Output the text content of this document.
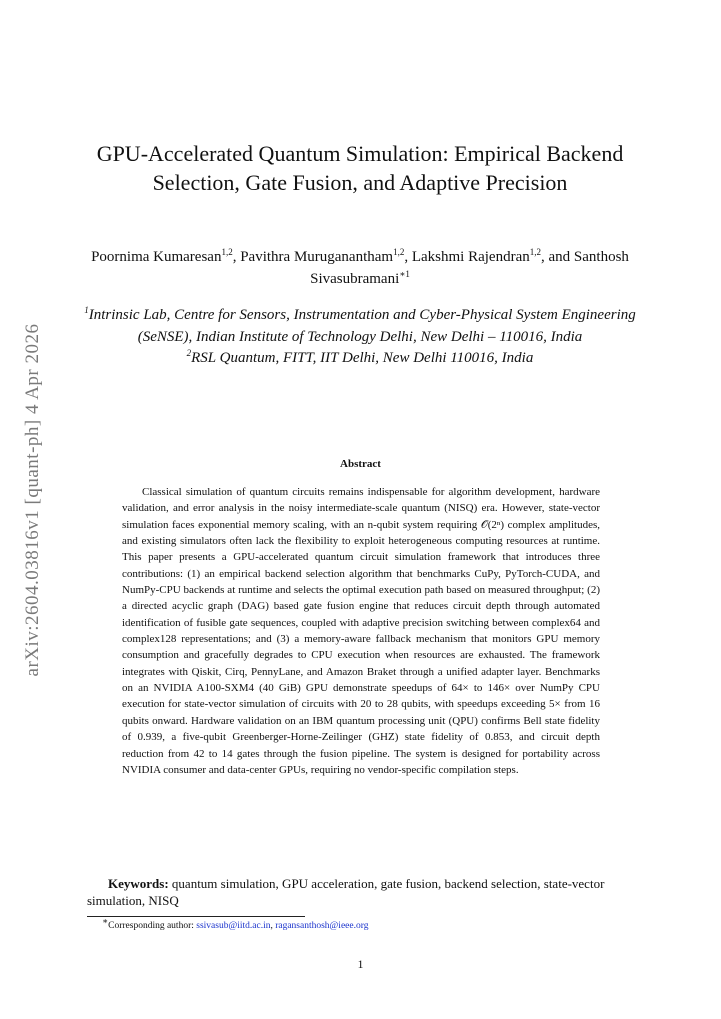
arXiv:2604.03816v1 [quant-ph] 4 Apr 2026
GPU-Accelerated Quantum Simulation: Empirical Backend Selection, Gate Fusion, and Adaptive Precision
Poornima Kumaresan$^{1,2}$, Pavithra Muruganantham$^{1,2}$, Lakshmi Rajendran$^{1,2}$, and Santhosh Sivasubramani$^{∗1}$
$^1$Intrinsic Lab, Centre for Sensors, Instrumentation and Cyber-Physical System Engineering (SeNSE), Indian Institute of Technology Delhi, New Delhi – 110016, India
$^2$RSL Quantum, FITT, IIT Delhi, New Delhi 110016, India
Abstract

Classical simulation of quantum circuits remains indispensable for algorithm development, hardware validation, and error analysis in the noisy intermediate-scale quantum (NISQ) era. However, state-vector simulation faces exponential memory scaling, with an n-qubit system requiring 𝒪(2ⁿ) complex amplitudes, and existing simulators often lack the flexibility to exploit heterogeneous computing resources at runtime. This paper presents a GPU-accelerated quantum circuit simulation framework that introduces three contributions: (1) an empirical backend selection algorithm that benchmarks CuPy, PyTorch-CUDA, and NumPy-CPU backends at runtime and selects the optimal execution path based on measured throughput; (2) a directed acyclic graph (DAG) based gate fusion engine that reduces circuit depth through automated identification of fusible gate sequences, coupled with adaptive precision switching between complex64 and complex128 representations; and (3) a memory-aware fallback mechanism that monitors GPU memory consumption and gracefully degrades to CPU execution when resources are exhausted. The framework integrates with Qiskit, Cirq, PennyLane, and Amazon Braket through a unified adapter layer. Benchmarks on an NVIDIA A100-SXM4 (40 GiB) GPU demonstrate speedups of 64× to 146× over NumPy CPU execution for state-vector simulation of circuits with 20 to 28 qubits, with speedups exceeding 5× from 16 qubits onward. Hardware validation on an IBM quantum processing unit (QPU) confirms Bell state fidelity of 0.939, a five-qubit Greenberger-Horne-Zeilinger (GHZ) state fidelity of 0.853, and circuit depth reduction from 42 to 14 gates through the fusion pipeline. The system is designed for portability across NVIDIA consumer and data-center GPUs, requiring no vendor-specific compilation steps.

Keywords: quantum simulation, GPU acceleration, gate fusion, backend selection, state-vector simulation, NISQ
∗Corresponding author: ssivasub@iitd.ac.in, ragansanthosh@ieee.org
1
